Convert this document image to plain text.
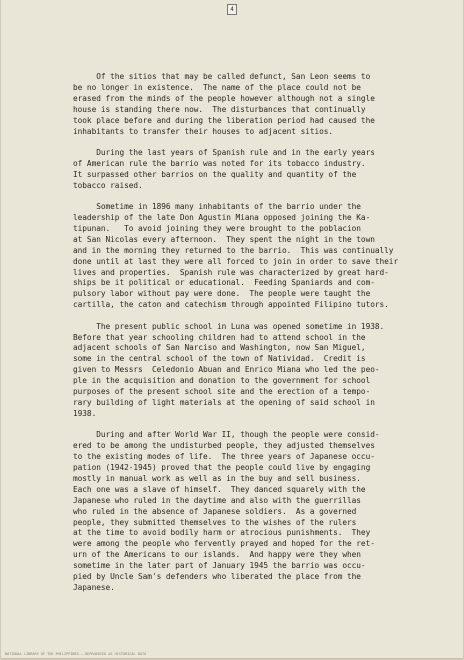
4
Of the sitios that may be called defunct, San Leon seems to
be no longer in existence.  The name of the place could not be
erased from the minds of the people however although not a single
house is standing there now.  The disturbances that continually
took place before and during the liberation period had caused the
inhabitants to transfer their houses to adjacent sitios.
During the last years of Spanish rule and in the early years
of American rule the barrio was noted for its tobacco industry.
It surpassed other barrios on the quality and quantity of the
tobacco raised.
Sometime in 1896 many inhabitants of the barrio under the
leadership of the late Don Agustin Miana opposed joining the Ka-
tipunan.   To avoid joining they were brought to the poblacion
at San Nicolas every afternoon.  They spent the night in the town
and in the morning they returned to the barrio.  This was continually
done until at last they were all forced to join in order to save their
lives and properties.  Spanish rule was characterized by great hard-
ships be it political or educational.  Feeding Spaniards and com-
pulsory labor without pay were done.  The people were taught the
cartilla, the caton and catechism through appointed Filipino tutors.
The present public school in Luna was opened sometime in 1938.
Before that year schooling children had to attend school in the
adjacent schools of San Narciso and Washington, now San Miguel,
some in the central school of the town of Natividad.  Credit is
given to Messrs  Celedonio Abuan and Enrico Miana who led the peo-
ple in the acquisition and donation to the government for school
purposes of the present school site and the erection of a tempo-
rary building of light materials at the opening of said school in
1938.
During and after World War II, though the people were consid-
ered to be among the undisturbed people, they adjusted themselves
to the existing modes of life.  The three years of Japanese occu-
pation (1942-1945) proved that the people could live by engaging
mostly in manual work as well as in the buy and sell business.
Each one was a slave of himself.  They danced squarely with the
Japanese who ruled in the daytime and also with the guerrillas
who ruled in the absence of Japanese soldiers.  As a governed
people, they submitted themselves to the wishes of the rulers
at the time to avoid bodily harm or atrocious punishments.  They
were among the people who fervently prayed and hoped for the ret-
urn of the Americans to our islands.  And happy were they when
sometime in the later part of January 1945 the barrio was occu-
pied by Uncle Sam's defenders who liberated the place from the
Japanese.
NATIONAL LIBRARY OF THE PHILIPPINES — REPRODUCED AS HISTORICAL DATA
